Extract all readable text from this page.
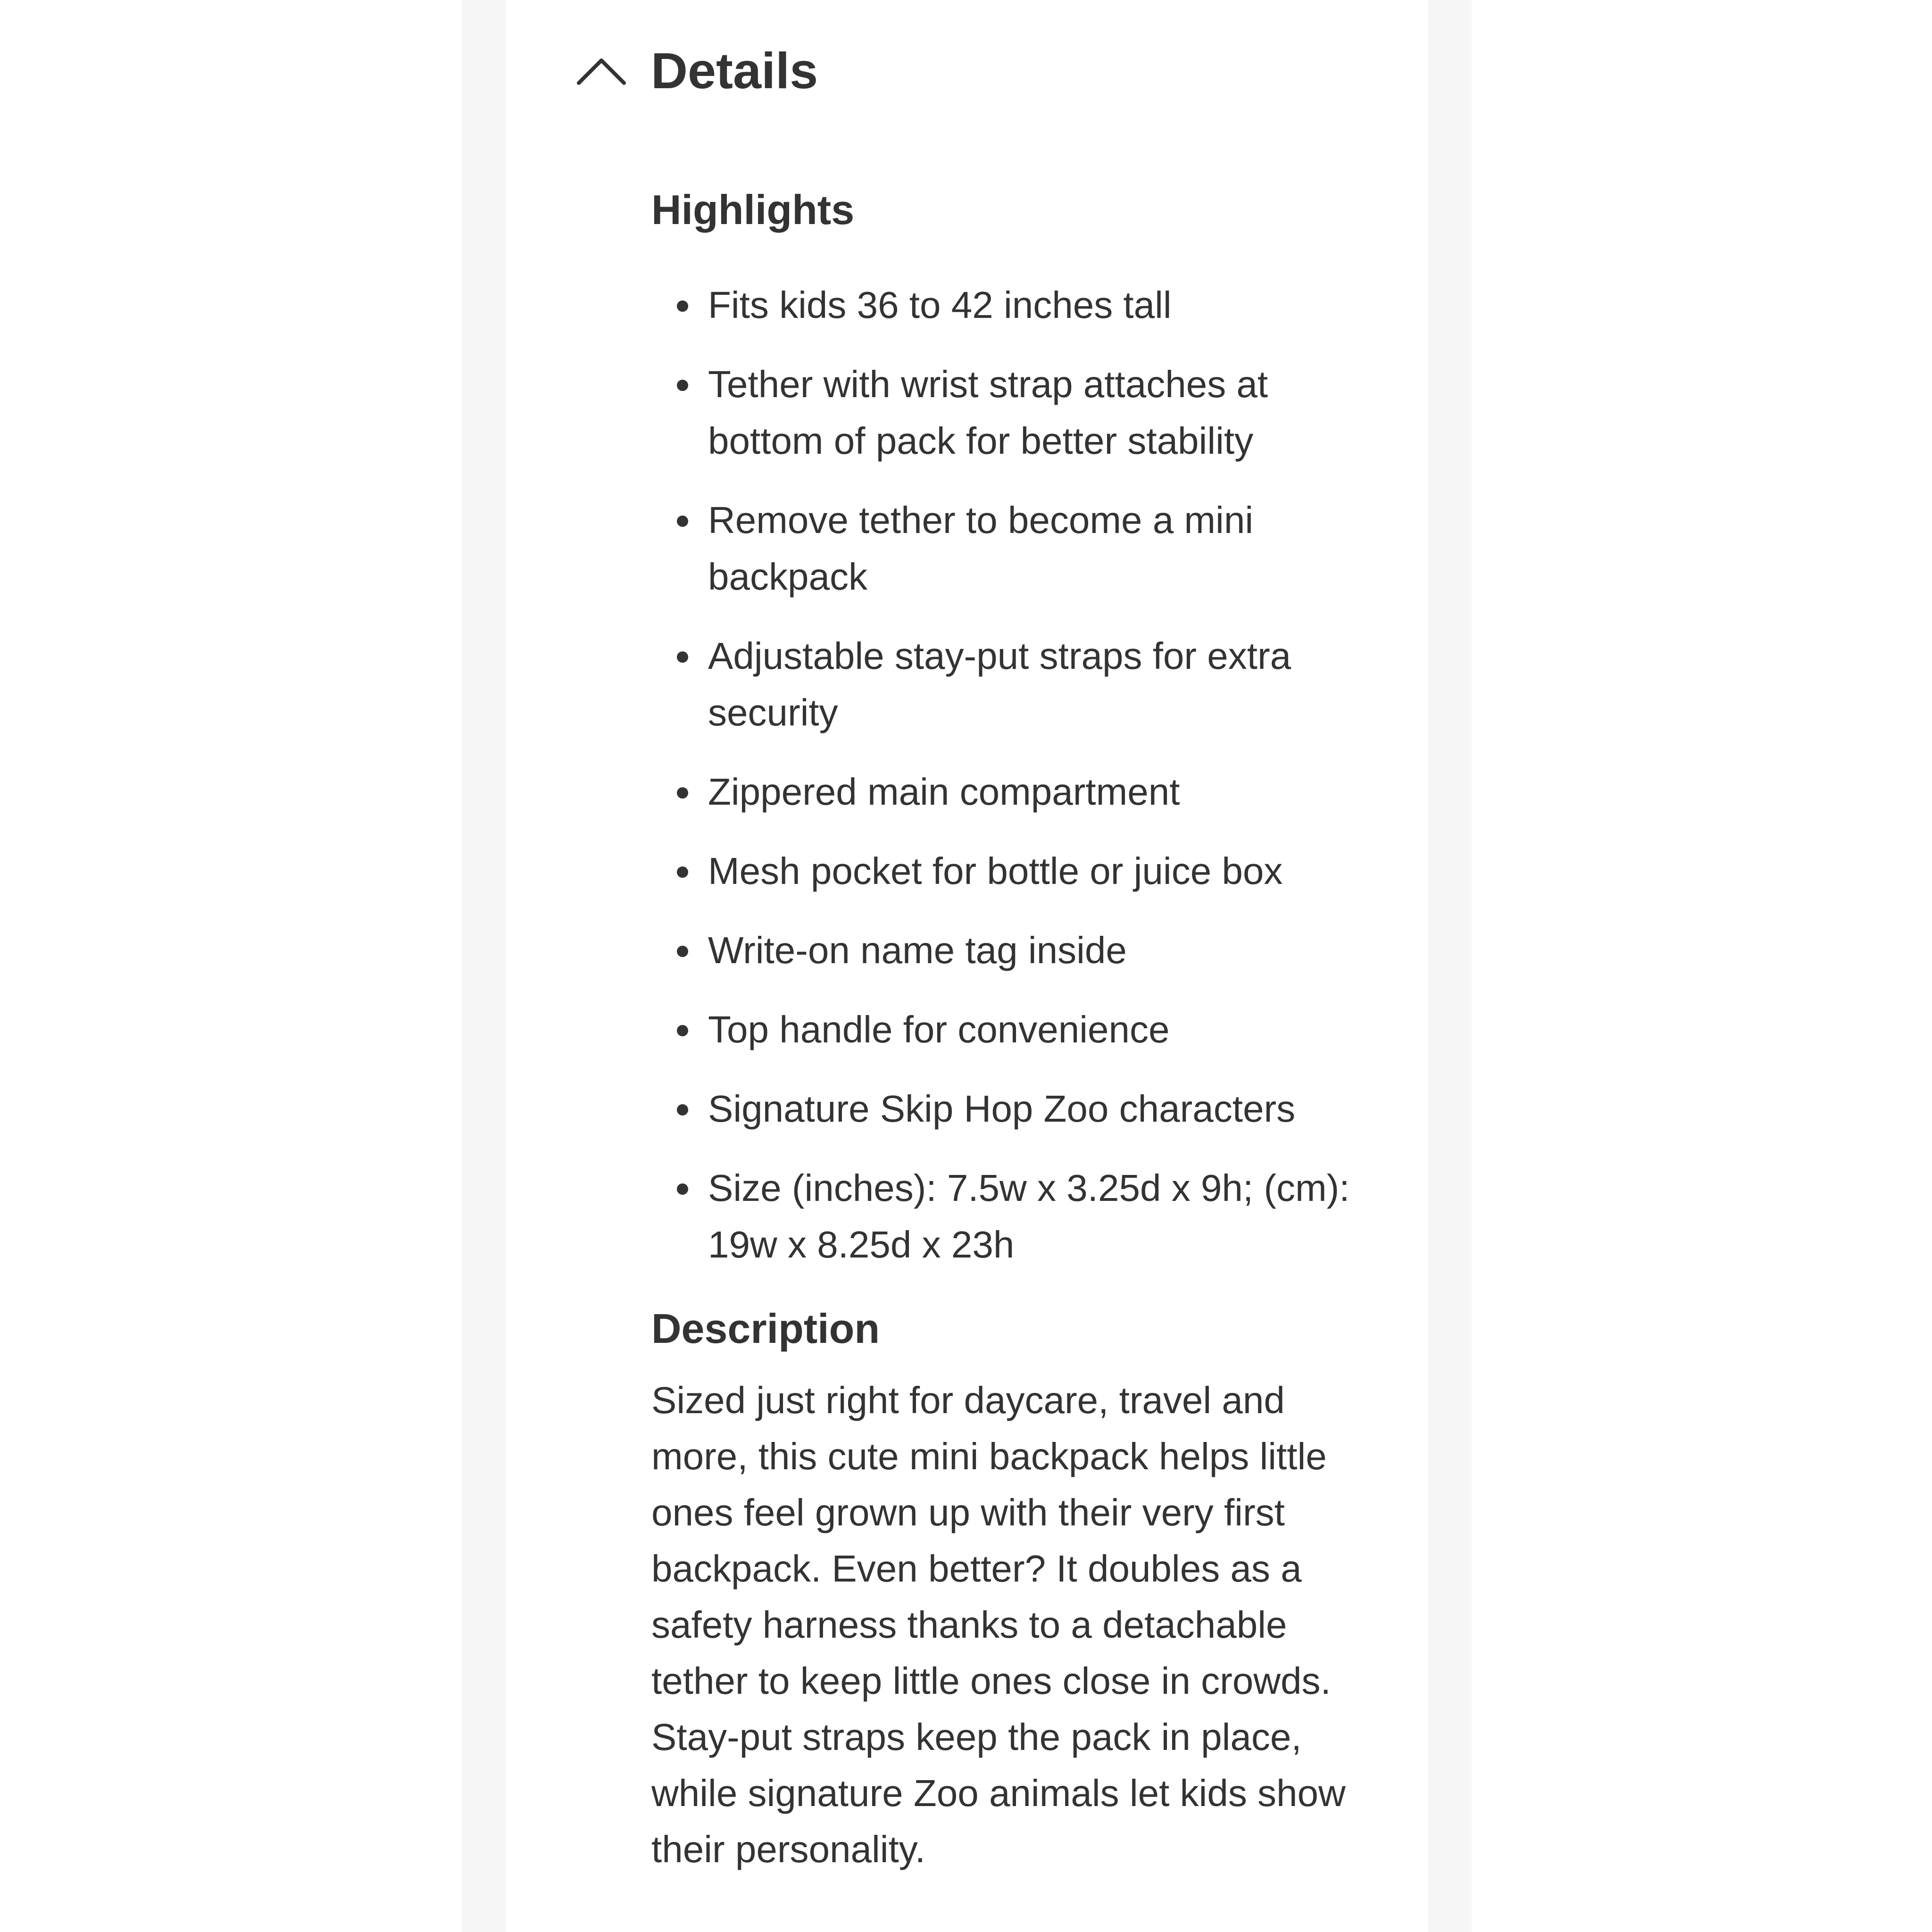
Details
Highlights
Fits kids 36 to 42 inches tall
Tether with wrist strap attaches at bottom of pack for better stability
Remove tether to become a mini backpack
Adjustable stay-put straps for extra security
Zippered main compartment
Mesh pocket for bottle or juice box
Write-on name tag inside
Top handle for convenience
Signature Skip Hop Zoo characters
Size (inches): 7.5w x 3.25d x 9h; (cm): 19w x 8.25d x 23h
Description

Sized just right for daycare, travel and more, this cute mini backpack helps little ones feel grown up with their very first backpack. Even better? It doubles as a safety harness thanks to a detachable tether to keep little ones close in crowds. Stay-put straps keep the pack in place, while signature Zoo animals let kids show their personality.
